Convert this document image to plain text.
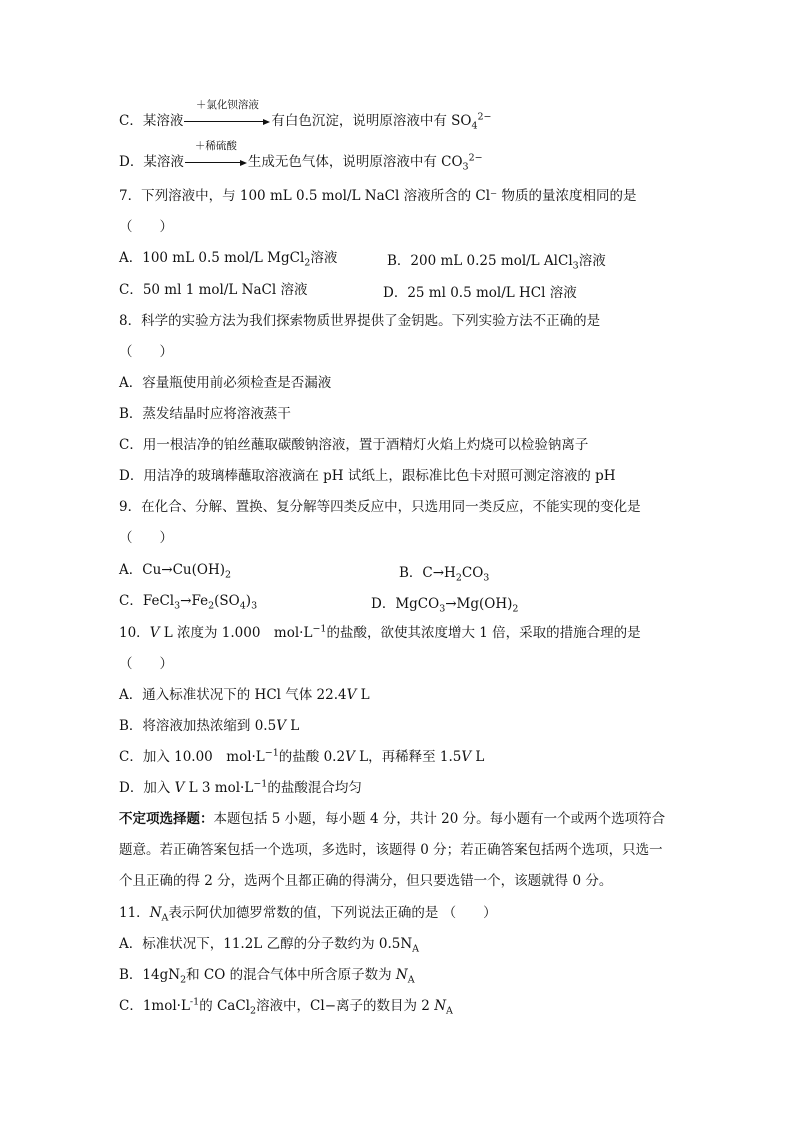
C．某溶液
＋氯化钡溶液
有白色沉淀，说明原溶液中有 $SO_4^{2-}$
D．某溶液
＋稀硫酸
生成无色气体，说明原溶液中有 $CO_3^{2-}$
7．下列溶液中，与 100 mL 0.5 mol/L NaCl 溶液所含的 Cl⁻ 物质的量浓度相同的是
（　　）
A．100 mL 0.5 mol/L MgCl$_2$溶液	B．200 mL 0.25 mol/L AlCl$_3$溶液
C．50 ml 1 mol/L NaCl 溶液	D．25 ml 0.5 mol/L HCl 溶液
8．科学的实验方法为我们探索物质世界提供了金钥匙。下列实验方法不正确的是
（　　）
A．容量瓶使用前必须检查是否漏液
B．蒸发结晶时应将溶液蒸干
C．用一根洁净的铂丝蘸取碳酸钠溶液，置于酒精灯火焰上灼烧可以检验钠离子
D．用洁净的玻璃棒蘸取溶液滴在 pH 试纸上，跟标准比色卡对照可测定溶液的 pH
9．在化合、分解、置换、复分解等四类反应中，只选用同一类反应，不能实现的变化是
（　　）
A．$Cu\to Cu(OH)_2$	B．$C\to H_2CO_3$
C．$FeCl_3\to Fe_2(SO_4)_3$	D．$MgCO_3\to Mg(OH)_2$
10．V L 浓度为 1.000　$mol\cdot L^{-1}$的盐酸，欲使其浓度增大 1 倍，采取的措施合理的是
（　　）
A．通入标准状况下的 HCl 气体 22.4V L
B．将溶液加热浓缩到 0.5V L
C．加入 10.00　$mol\cdot L^{-1}$的盐酸 0.2V L，再稀释至 1.5V L
D．加入 V L 3 $mol\cdot L^{-1}$的盐酸混合均匀
不定项选择题：本题包括 5 小题，每小题 4 分，共计 20 分。每小题有一个或两个选项符合
题意。若正确答案包括一个选项，多选时，该题得 0 分；若正确答案包括两个选项，只选一
个且正确的得 2 分，选两个且都正确的得满分，但只要选错一个，该题就得 0 分。
11．$N_A$表示阿伏加德罗常数的值，下列说法正确的是 （　　）
A．标准状况下，11.2L 乙醇的分子数约为 $0.5N_A$
B．$14gN_2$和 CO 的混合气体中所含原子数为 $N_A$
C．$1mol\cdot L^{-1}$的 CaCl$_2$溶液中，Cl−离子的数目为 2 $N_A$
